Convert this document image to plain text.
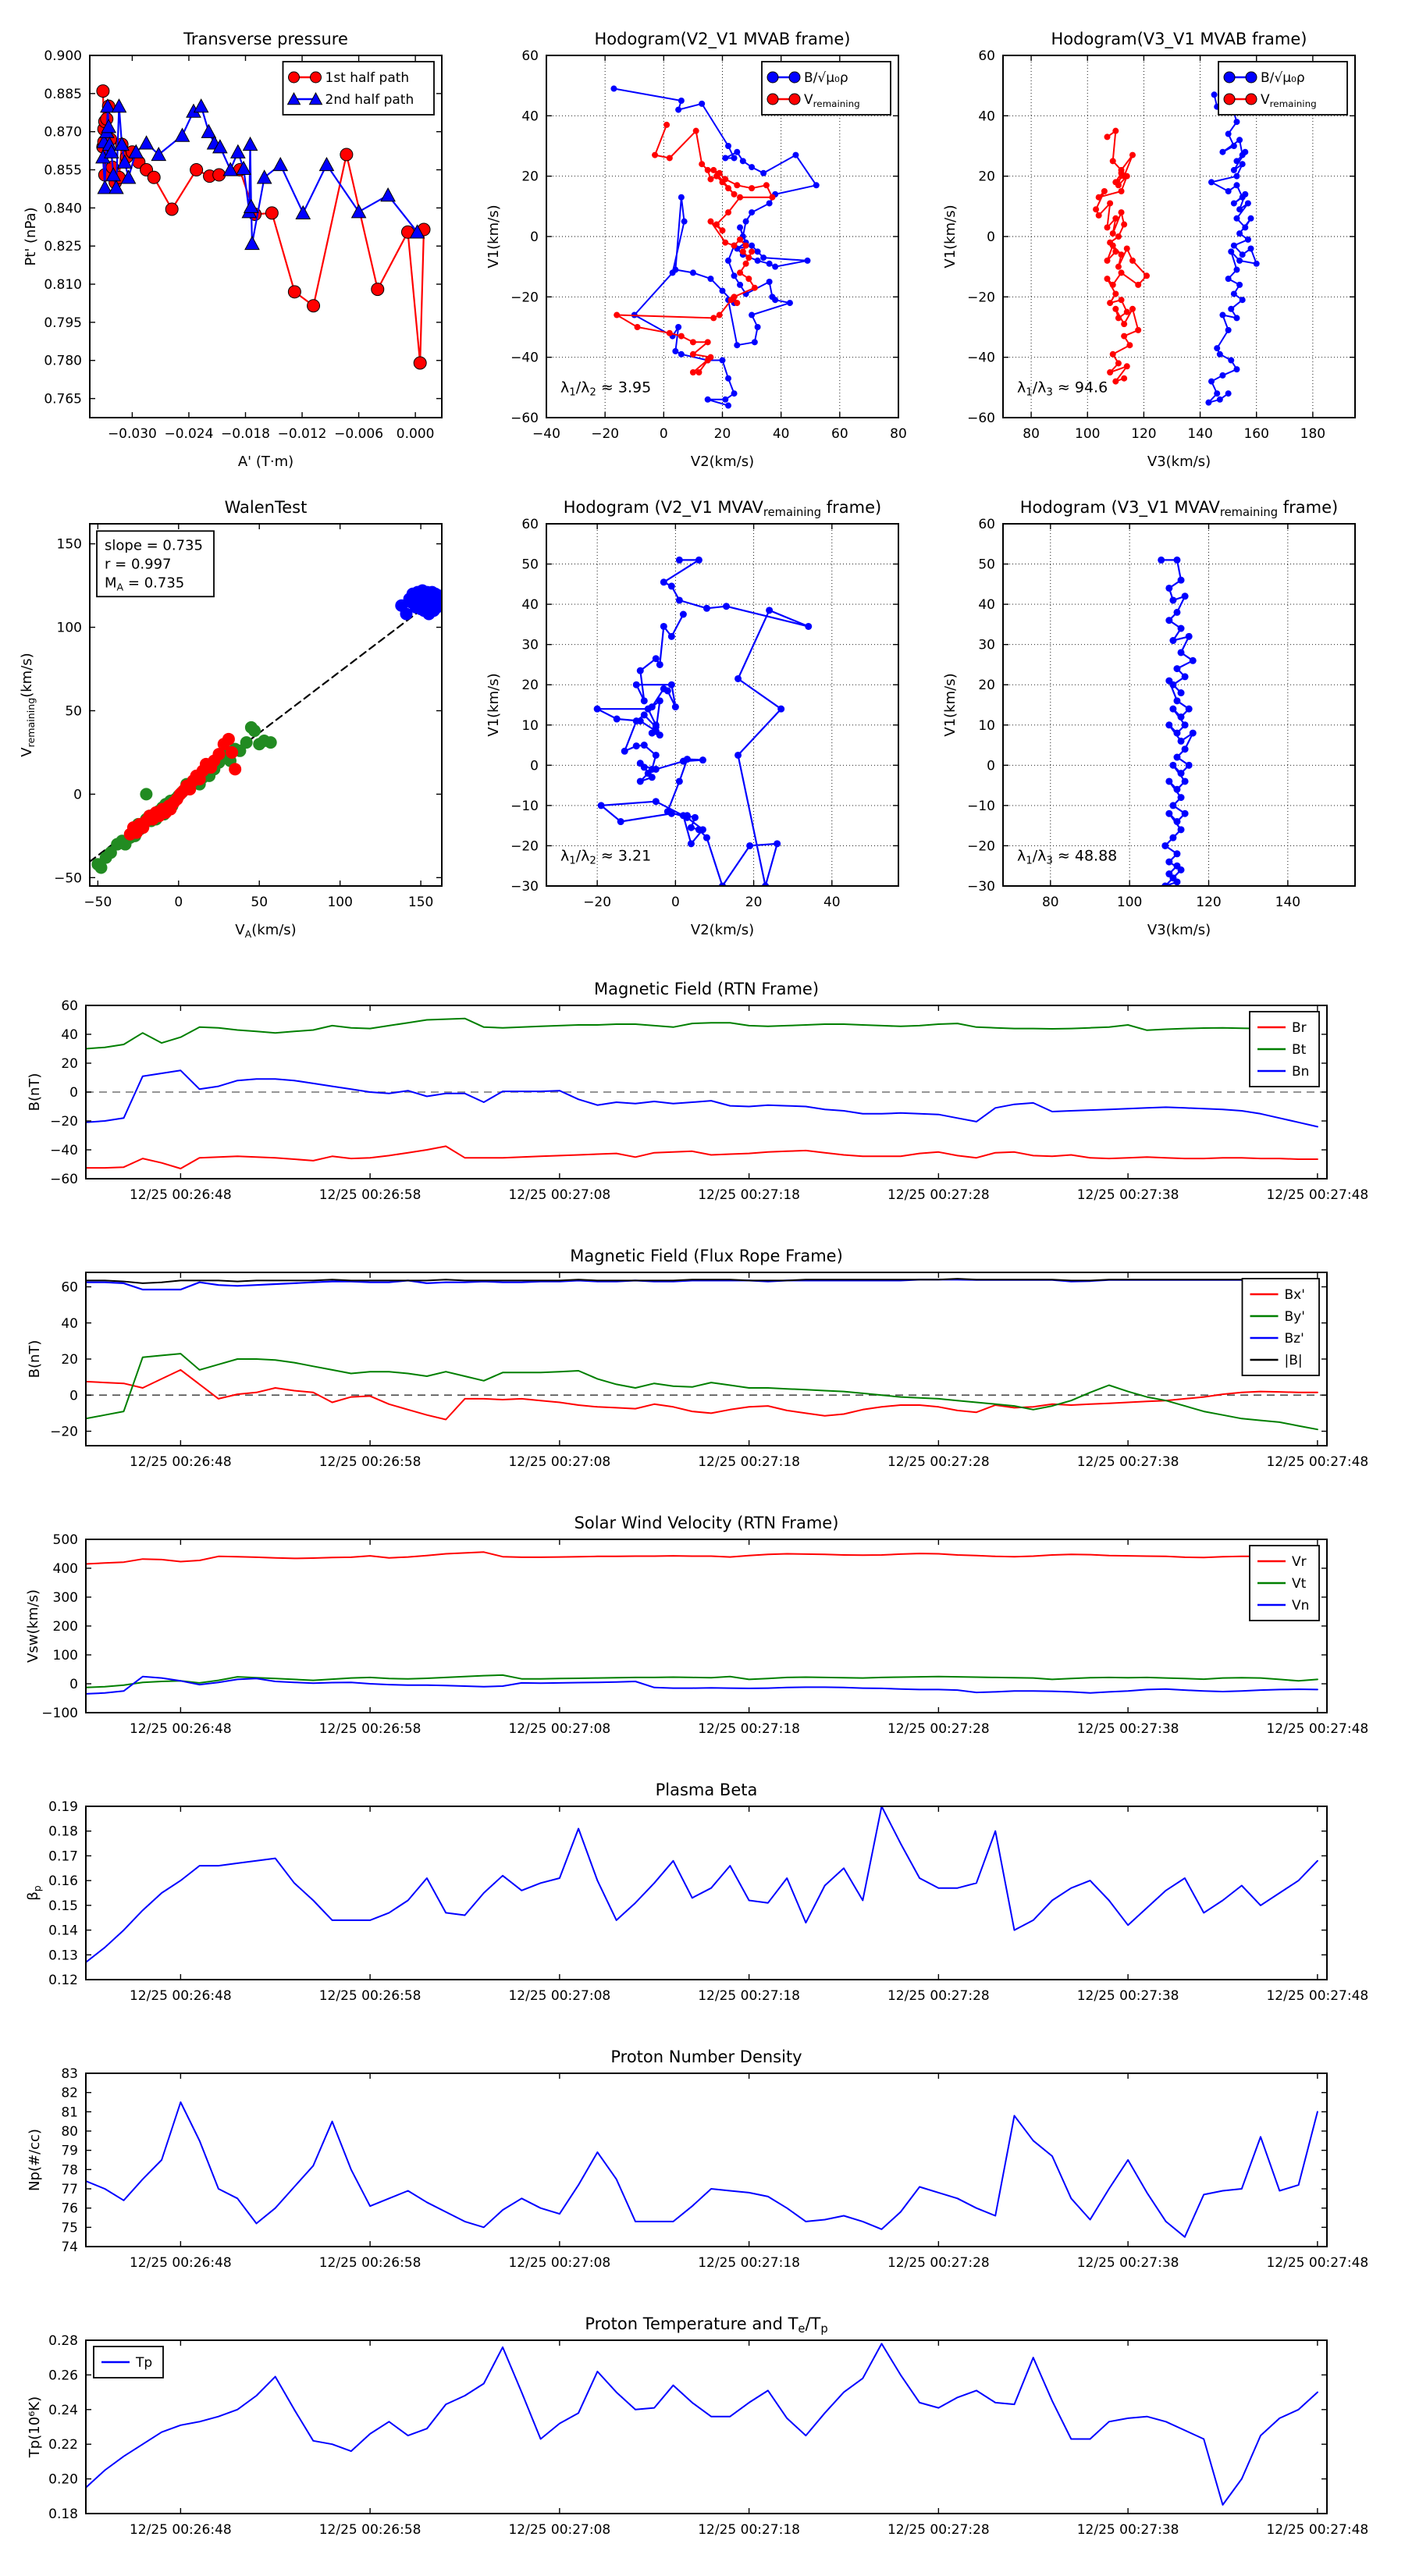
−0.030 −0.024 −0.018 −0.012 −0.006 0.000
0.765
0.780
0.795
0.810
0.825
0.840
0.855
0.870
0.885
0.900
Transverse pressure
A' (T·m)
Pt' (nPa)
1st half path
2nd half path
−40 −20	0	20	40	60	80
−60
−40
−20
0
20
40
60
Hodogram(V2_V1 MVAB frame)
V2(km/s)
V1(km/s)
$\lambda_1/\lambda_2 \approx 3.95$
B/√μ₀ρ
$V_{remaining}$
80	100 120 140 160 180
−60
−40
−20
0
20
40
60
Hodogram(V3_V1 MVAB frame)
V3(km/s)
V1(km/s)
$\lambda_1/\lambda_3 \approx 94.6$
B/√μ₀ρ
$V_{remaining}$
−50	0	50	100	150
−50
0
50
100
150
WalenTest
$V_A(km/s)$
$V_{remaining}(km/s)$
slope = 0.735
r = 0.997
$M_A = 0.735$
−20	0	20	40
−30
−20
−10
0
10
20
30
40
50
60
Hodogram (V2_V1 MVAVremaining frame)
V2(km/s)
V1(km/s)
$\lambda_1/\lambda_2 \approx 3.21$
80	100	120	140
−30
−20
−10
0
10
20
30
40
50
60
Hodogram (V3_V1 MVAVremaining frame)
V3(km/s)
V1(km/s)
$\lambda_1/\lambda_3 \approx 48.88$
12/25 00:26:48	12/25 00:26:58	12/25 00:27:08	12/25 00:27:18	12/25 00:27:28	12/25 00:27:38	12/25 00:27:48
−60
−40
−20
0
20
40
60
Magnetic Field (RTN Frame)
B(nT)
Br
Bt
Bn
12/25 00:26:48	12/25 00:26:58	12/25 00:27:08	12/25 00:27:18	12/25 00:27:28	12/25 00:27:38	12/25 00:27:48
−20
0
20
40
60
Magnetic Field (Flux Rope Frame)
B(nT)
Bx'
By'
Bz'
|B|
12/25 00:26:48	12/25 00:26:58	12/25 00:27:08	12/25 00:27:18	12/25 00:27:28	12/25 00:27:38	12/25 00:27:48
−100
0
100
200
300
400
500
Solar Wind Velocity (RTN Frame)
Vsw(km/s)
Vr
Vt
Vn
12/25 00:26:48	12/25 00:26:58	12/25 00:27:08	12/25 00:27:18	12/25 00:27:28	12/25 00:27:38	12/25 00:27:48
0.12
0.13
0.14
0.15
0.16
0.17
0.18
0.19
Plasma Beta
$\beta_p$
12/25 00:26:48	12/25 00:26:58	12/25 00:27:08	12/25 00:27:18	12/25 00:27:28	12/25 00:27:38	12/25 00:27:48
74
75
76
77
78
79
80
81
82
83
Proton Number Density
Np(#/cc)
12/25 00:26:48	12/25 00:26:58	12/25 00:27:08	12/25 00:27:18	12/25 00:27:28	12/25 00:27:38	12/25 00:27:48
0.18
0.20
0.22
0.24
0.26
0.28
Proton Temperature and Te/Tp
Tp(10⁶K)
Tp
